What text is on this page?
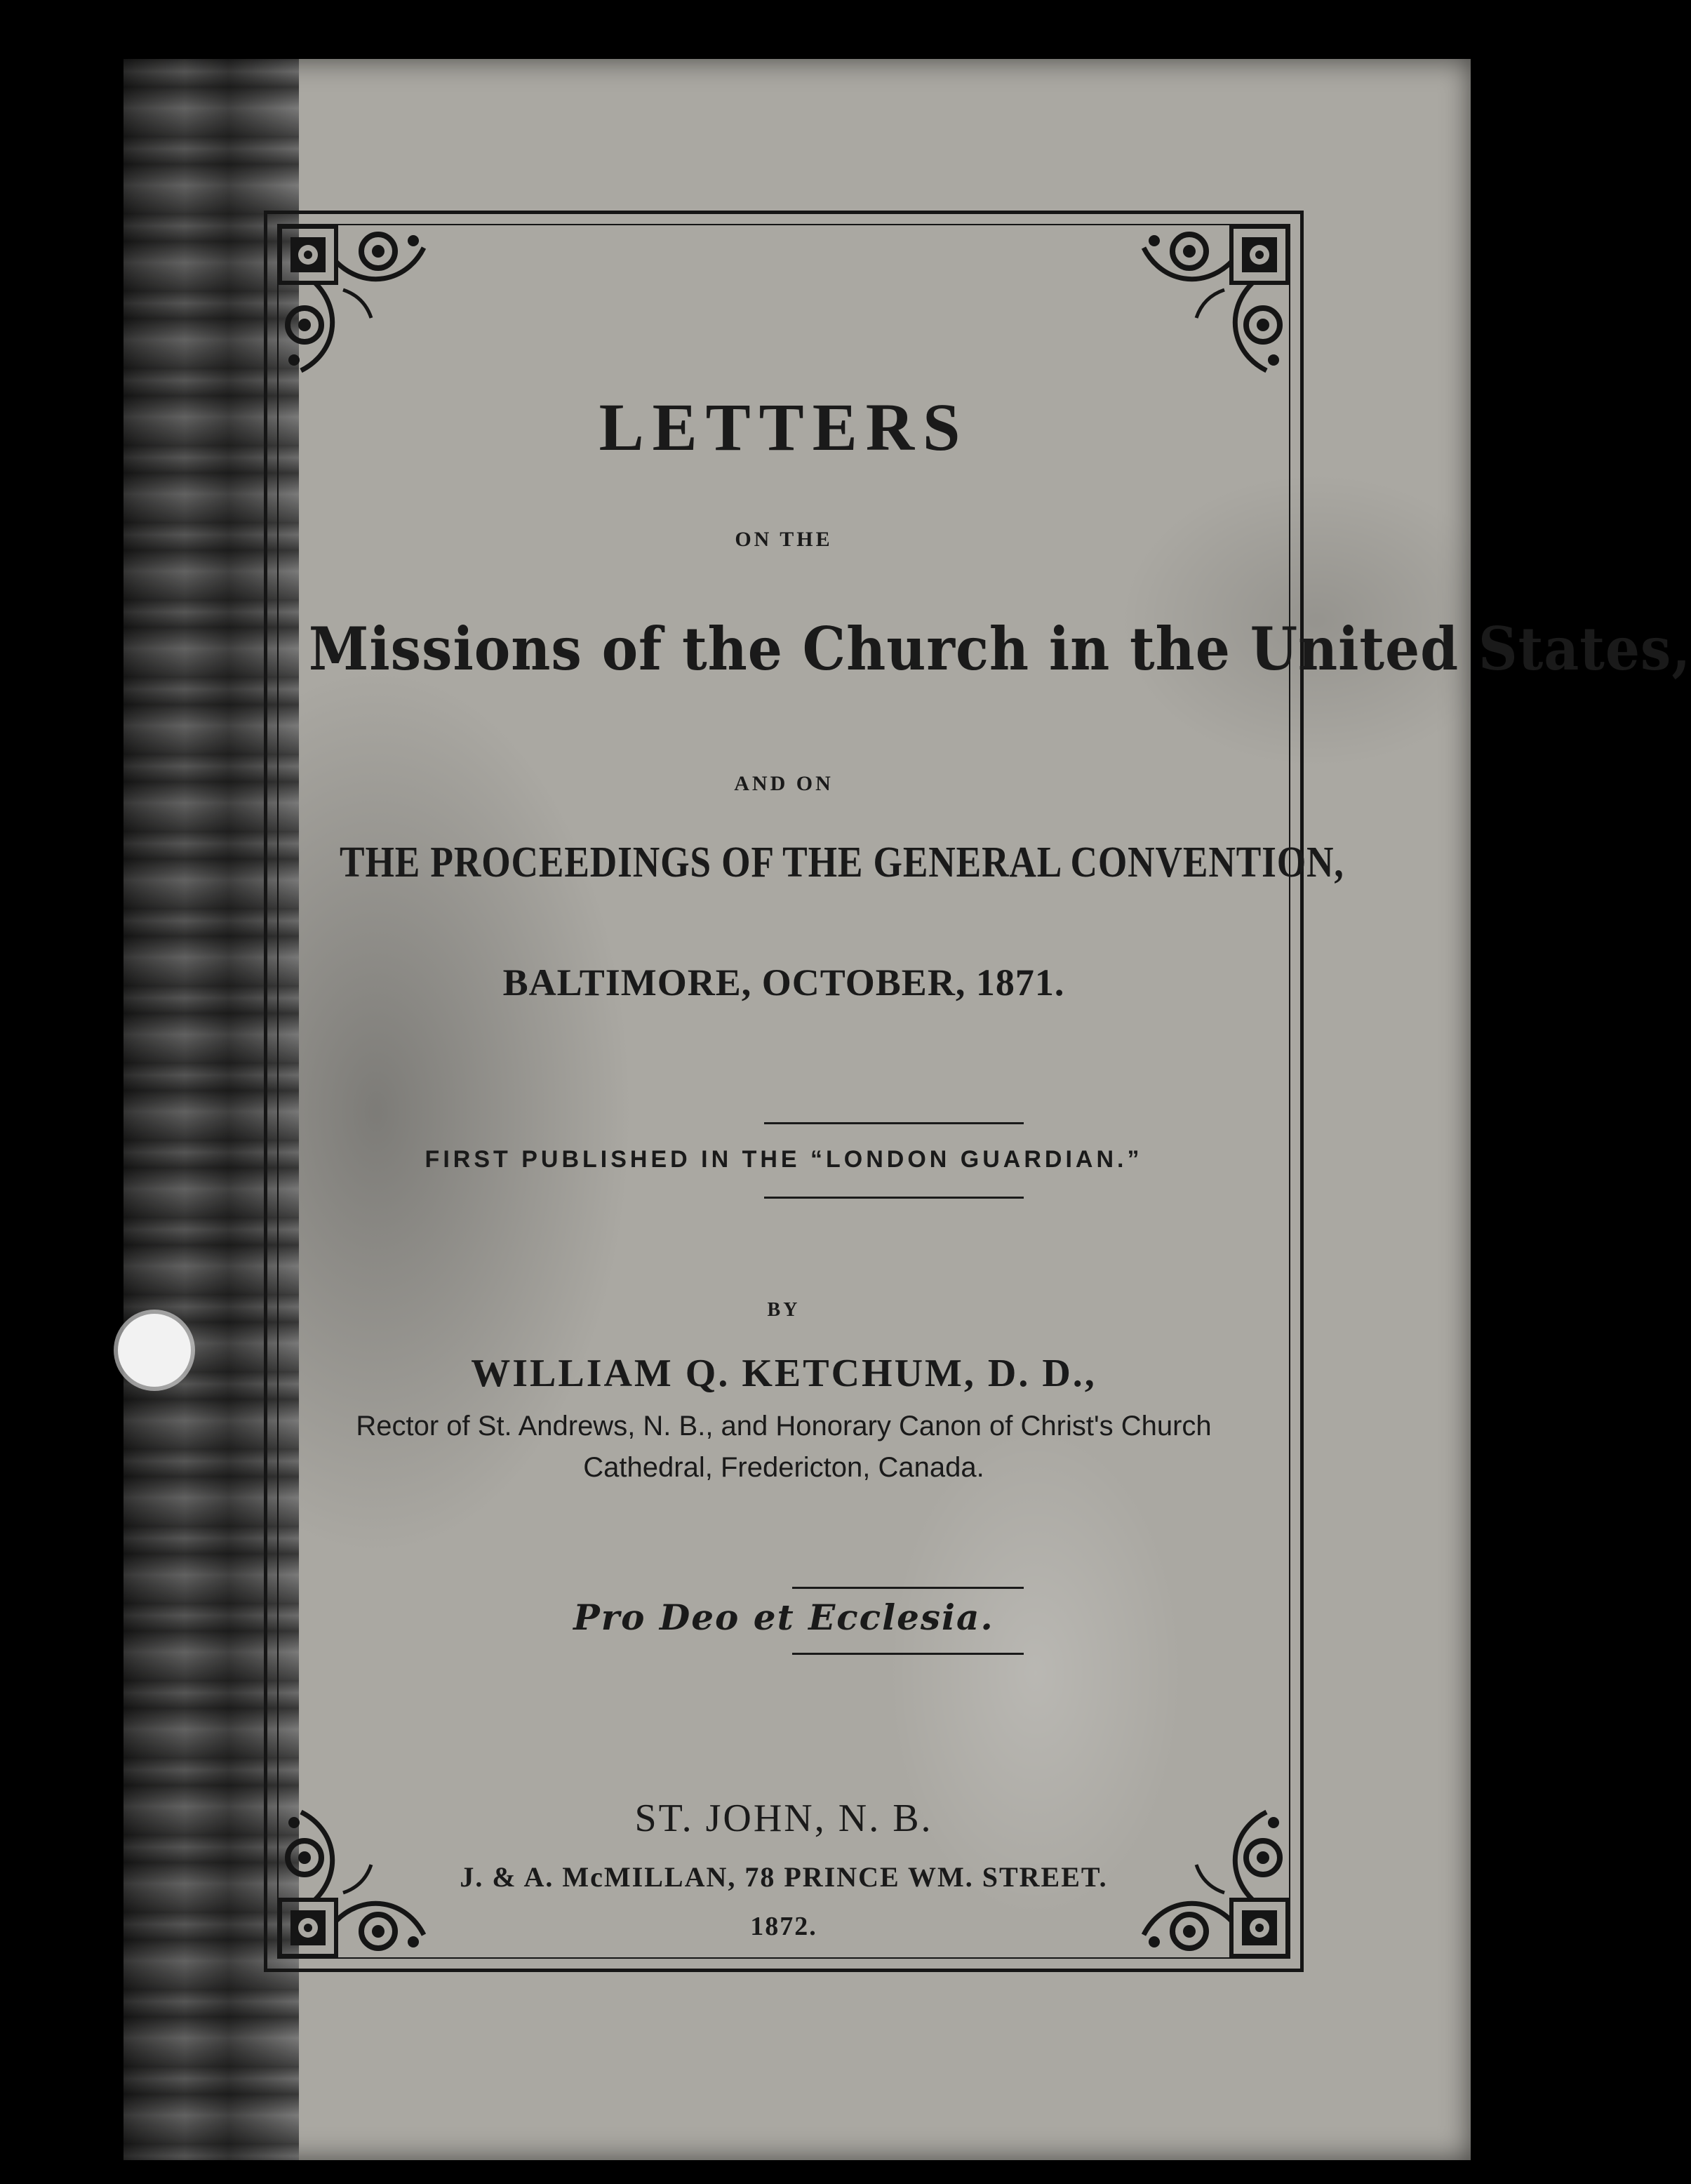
LETTERS
ON THE
Missions of the Church in the United States,
AND ON
THE PROCEEDINGS OF THE GENERAL CONVENTION,
BALTIMORE, OCTOBER, 1871.
FIRST PUBLISHED IN THE “LONDON GUARDIAN.”
BY
WILLIAM Q. KETCHUM, D. D.,
Rector of St. Andrews, N. B., and Honorary Canon of Christ's Church
Cathedral, Fredericton, Canada.
Pro Deo et Ecclesia.
ST. JOHN, N. B.
J. & A. McMILLAN, 78 PRINCE WM. STREET.
1872.
